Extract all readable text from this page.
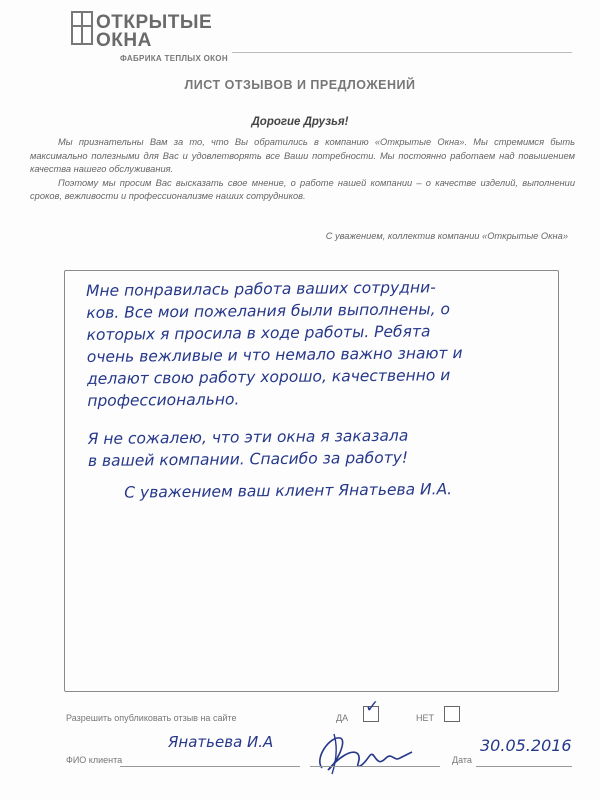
ОТКРЫТЫЕ
ОКНА
ФАБРИКА ТЕПЛЫХ ОКОН
ЛИСТ ОТЗЫВОВ И ПРЕДЛОЖЕНИЙ
Дорогие Друзья!

Мы признательны Вам за то, что Вы обратились в компанию «Открытые Окна». Мы стремимся быть максимально полезными для Вас и удовлетворять все Ваши потребности. Мы постоянно работаем над повышением качества нашего обслуживания.

Поэтому мы просим Вас высказать свое мнение, о работе нашей компании – о качестве изделий, выполнении сроков, вежливости и профессионализме наших сотрудников.

С уважением, коллектив компании «Открытые Окна»
Мне понравилась работа ваших сотрудни-
ков. Все мои пожелания были выполнены, о
которых я просила в ходе работы. Ребята
очень вежливые и что немало важно знают и
делают свою работу хорошо, качественно и
профессионально.
Я не сожалею, что эти окна я заказала
в вашей компании. Спасибо за работу!
С уважением ваш клиент Янатьева И.А.
Разрешить опубликовать отзыв на сайте	ДА
✓
НЕТ
ФИО клиента
Янатьева И.А
Дата
30.05.2016
